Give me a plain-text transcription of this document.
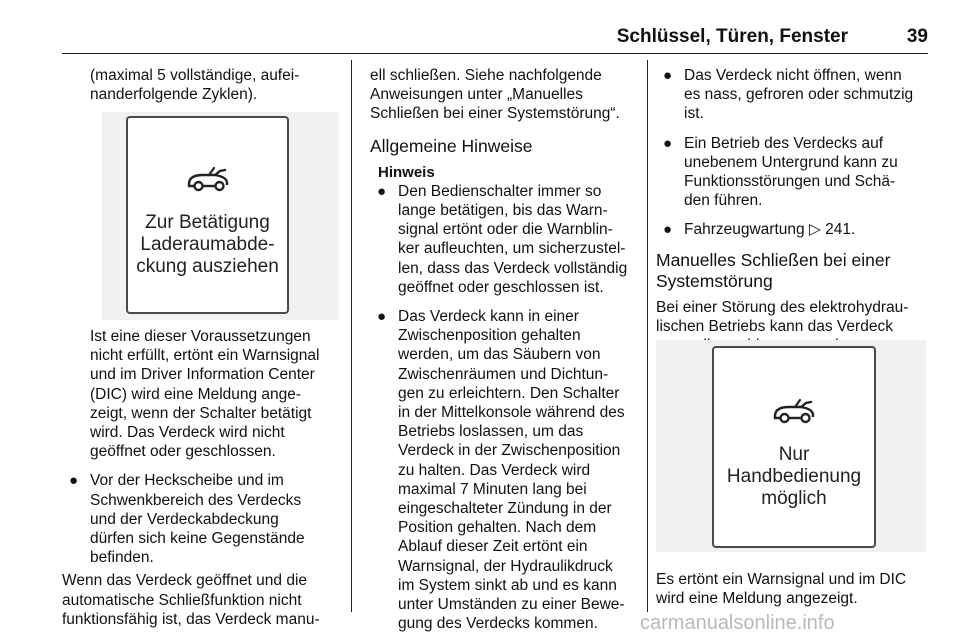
Schlüssel, Türen, Fenster	39

(maximal 5 vollständige, aufei-

nanderfolgende Zyklen).

Zur Betätigung
Laderaumabde-
ckung ausziehen

Ist eine dieser Voraussetzungen

nicht erfüllt, ertönt ein Warnsignal

und im Driver Information Center

(DIC) wird eine Meldung ange-

zeigt, wenn der Schalter betätigt

wird. Das Verdeck wird nicht

geöffnet oder geschlossen.

● Vor der Heckscheibe und im

Schwenkbereich des Verdecks

und der Verdeckabdeckung

dürfen sich keine Gegenstände

befinden.

Wenn das Verdeck geöffnet und die

automatische Schließfunktion nicht

funktionsfähig ist, das Verdeck manu-

ell schließen. Siehe nachfolgende

Anweisungen unter „Manuelles

Schließen bei einer Systemstörung“.

Allgemeine Hinweise
Hinweis
● Den Bedienschalter immer so

lange betätigen, bis das Warn-

signal ertönt oder die Warnblin-

ker aufleuchten, um sicherzustel-

len, dass das Verdeck vollständig

geöffnet oder geschlossen ist.

● Das Verdeck kann in einer

Zwischenposition gehalten

werden, um das Säubern von

Zwischenräumen und Dichtun-

gen zu erleichtern. Den Schalter

in der Mittelkonsole während des

Betriebs loslassen, um das

Verdeck in der Zwischenposition

zu halten. Das Verdeck wird

maximal 7 Minuten lang bei

eingeschalteter Zündung in der

Position gehalten. Nach dem

Ablauf dieser Zeit ertönt ein

Warnsignal, der Hydraulikdruck

im System sinkt ab und es kann

unter Umständen zu einer Bewe-

gung des Verdecks kommen.

● Das Verdeck nicht öffnen, wenn

es nass, gefroren oder schmutzig

ist.

● Ein Betrieb des Verdecks auf

unebenem Untergrund kann zu

Funktionsstörungen und Schä-

den führen.

● Fahrzeugwartung ▷ 241.

Manuelles Schließen bei einer
Systemstörung

Bei einer Störung des elektrohydrau-

lischen Betriebs kann das Verdeck

Nur
Handbedienung
möglich

Es ertönt ein Warnsignal und im DIC

wird eine Meldung angezeigt.

carmanualsonline.info
